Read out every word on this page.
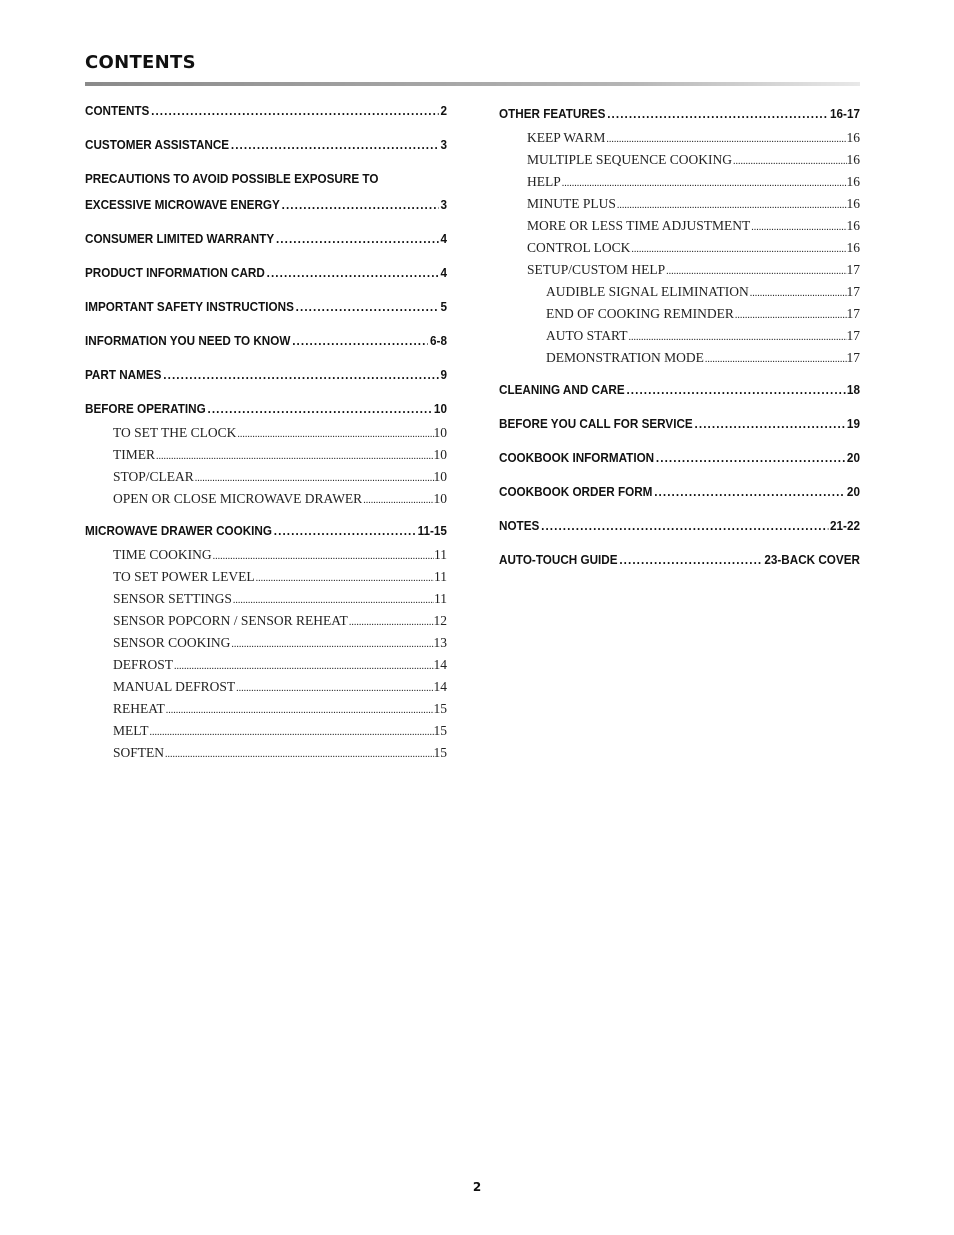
CONTENTS
CONTENTS .....	2
CUSTOMER ASSISTANCE .....	3
PRECAUTIONS TO AVOID POSSIBLE EXPOSURE TO
EXCESSIVE MICROWAVE ENERGY .....	3
CONSUMER LIMITED WARRANTY .....	4
PRODUCT INFORMATION CARD .....	4
IMPORTANT SAFETY INSTRUCTIONS .....	5
INFORMATION YOU NEED TO KNOW .....	6-8
PART NAMES .....	9
BEFORE OPERATING .....	10
TO SET THE CLOCK .....	10
TIMER .....	10
STOP/CLEAR .....	10
OPEN OR CLOSE MICROWAVE DRAWER .....	10
MICROWAVE DRAWER COOKING .....	11-15
TIME COOKING .....	11
TO SET POWER LEVEL .....	11
SENSOR SETTINGS .....	11
SENSOR POPCORN / SENSOR REHEAT .....	12
SENSOR COOKING .....	13
DEFROST .....	14
MANUAL DEFROST .....	14
REHEAT .....	15
MELT .....	15
SOFTEN .....	15
OTHER FEATURES .....	16-17
KEEP WARM .....	16
MULTIPLE SEQUENCE COOKING .....	16
HELP .....	16
MINUTE PLUS .....	16
MORE OR LESS TIME ADJUSTMENT .....	16
CONTROL LOCK .....	16
SETUP/CUSTOM HELP .....	17
AUDIBLE SIGNAL ELIMINATION .....	17
END OF COOKING REMINDER .....	17
AUTO START .....	17
DEMONSTRATION MODE .....	17
CLEANING AND CARE .....	18
BEFORE YOU CALL FOR SERVICE .....	19
COOKBOOK INFORMATION .....	20
COOKBOOK ORDER FORM .....	20
NOTES .....	21-22
AUTO-TOUCH GUIDE .....	23-BACK COVER
2
